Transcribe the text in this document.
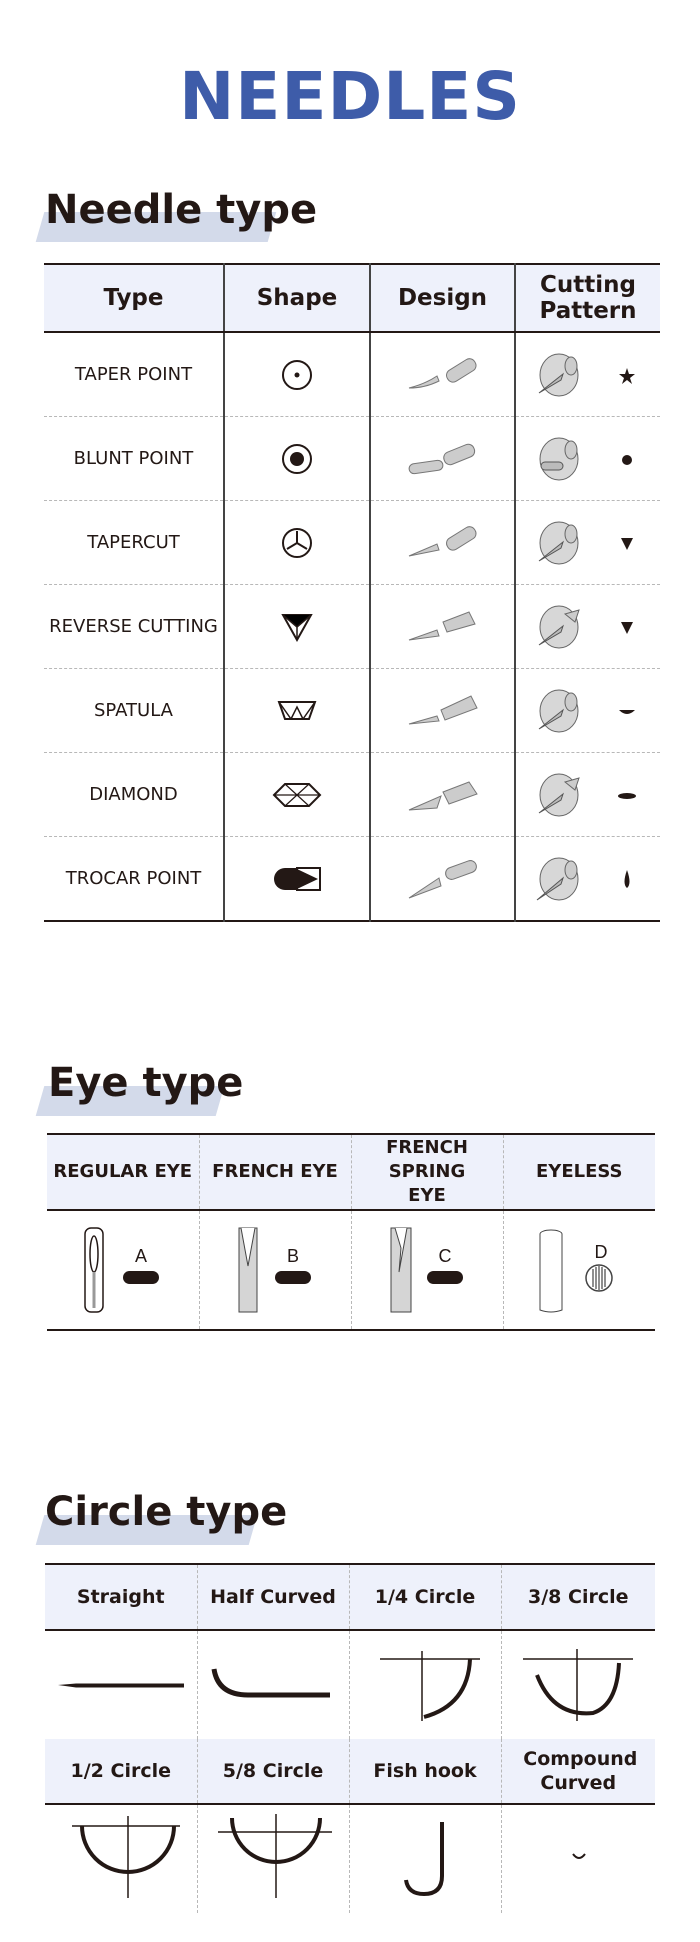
NEEDLES
Needle type
Type	Shape	Design	Cutting Pattern
TAPER POINT			
BLUNT POINT			
TAPERCUT			
REVERSE CUTTING			
SPATULA			
DIAMOND			
TROCAR POINT			
Eye type
REGULAR EYE	FRENCH EYE	FRENCH SPRING EYE	EYELESS

A	B	C	D
Circle type
Straight	Half Curved	1/4 Circle	3/8 Circle

1/2 Circle	5/8 Circle	Fish hook	Compound Curved
